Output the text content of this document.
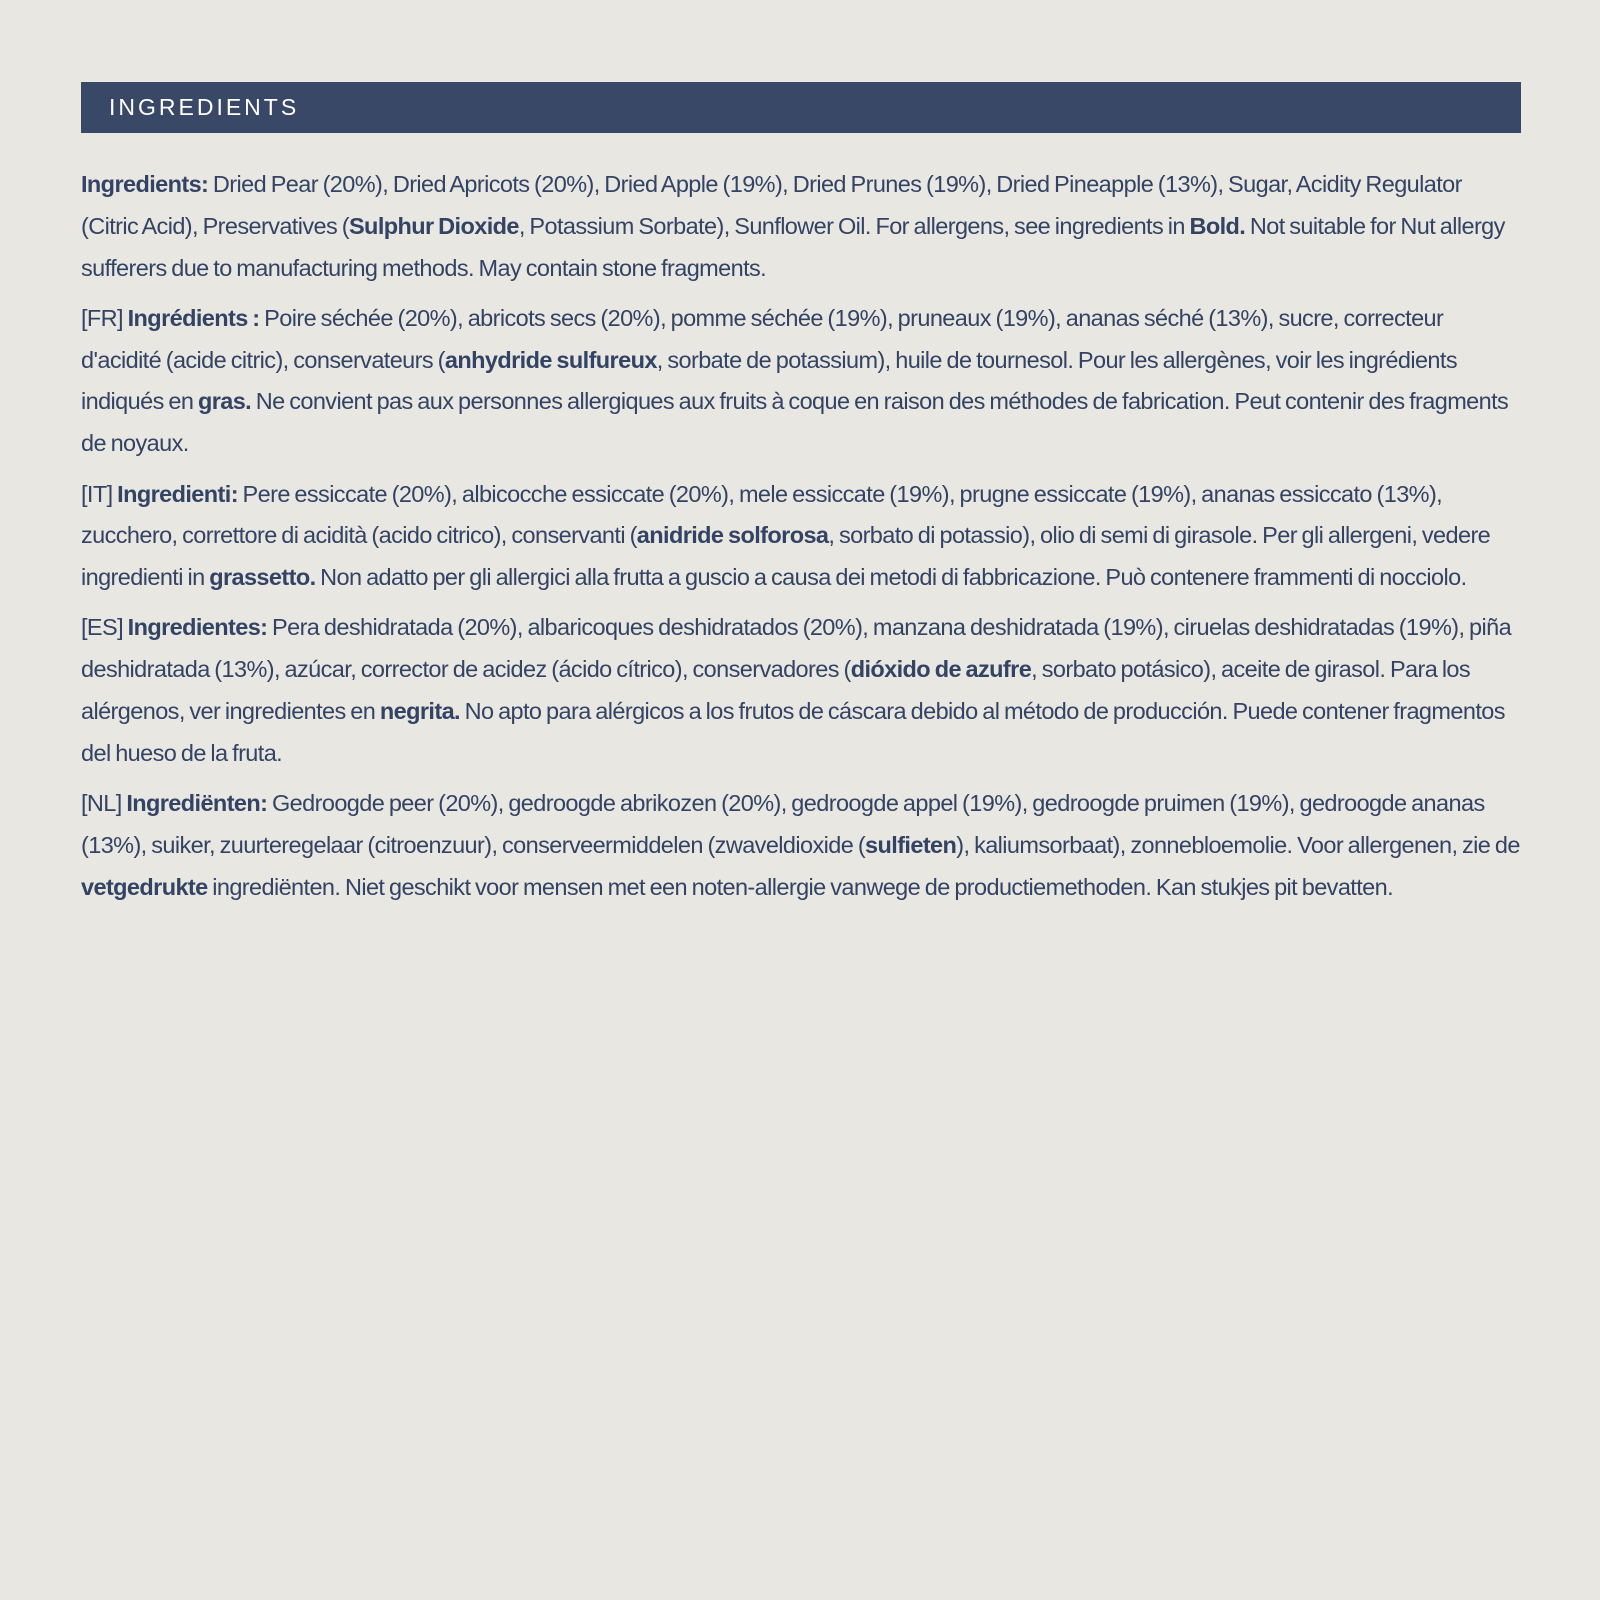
INGREDIENTS

Ingredients: Dried Pear (20%), Dried Apricots (20%), Dried Apple (19%), Dried Prunes (19%), Dried Pineapple (13%), Sugar, Acidity Regulator (Citric Acid), Preservatives (Sulphur Dioxide, Potassium Sorbate), Sunflower Oil. For allergens, see ingredients in Bold. Not suitable for Nut allergy sufferers due to manufacturing methods. May contain stone fragments.

[FR] Ingrédients : Poire séchée (20%), abricots secs (20%), pomme séchée (19%), pruneaux (19%), ananas séché (13%), sucre, correcteur d'acidité (acide citric), conservateurs (anhydride sulfureux, sorbate de potassium), huile de tournesol. Pour les allergènes, voir les ingrédients indiqués en gras. Ne convient pas aux personnes allergiques aux fruits à coque en raison des méthodes de fabrication. Peut contenir des fragments de noyaux.

[IT] Ingredienti: Pere essiccate (20%), albicocche essiccate (20%), mele essiccate (19%), prugne essiccate (19%), ananas essiccato (13%), zucchero, correttore di acidità (acido citrico), conservanti (anidride solforosa, sorbato di potassio), olio di semi di girasole. Per gli allergeni, vedere ingredienti in grassetto. Non adatto per gli allergici alla frutta a guscio a causa dei metodi di fabbricazione. Può contenere frammenti di nocciolo.

[ES] Ingredientes: Pera deshidratada (20%), albaricoques deshidratados (20%), manzana deshidratada (19%), ciruelas deshidratadas (19%), piña deshidratada (13%), azúcar, corrector de acidez (ácido cítrico), conservadores (dióxido de azufre, sorbato potásico), aceite de girasol. Para los alérgenos, ver ingredientes en negrita. No apto para alérgicos a los frutos de cáscara debido al método de producción. Puede contener fragmentos del hueso de la fruta.

[NL] Ingrediënten: Gedroogde peer (20%), gedroogde abrikozen (20%), gedroogde appel (19%), gedroogde pruimen (19%), gedroogde ananas (13%), suiker, zuurteregelaar (citroenzuur), conserveermiddelen (zwaveldioxide (sulfieten), kaliumsorbaat), zonnebloemolie. Voor allergenen, zie de vetgedrukte ingrediënten. Niet geschikt voor mensen met een noten-allergie vanwege de productiemethoden. Kan stukjes pit bevatten.
